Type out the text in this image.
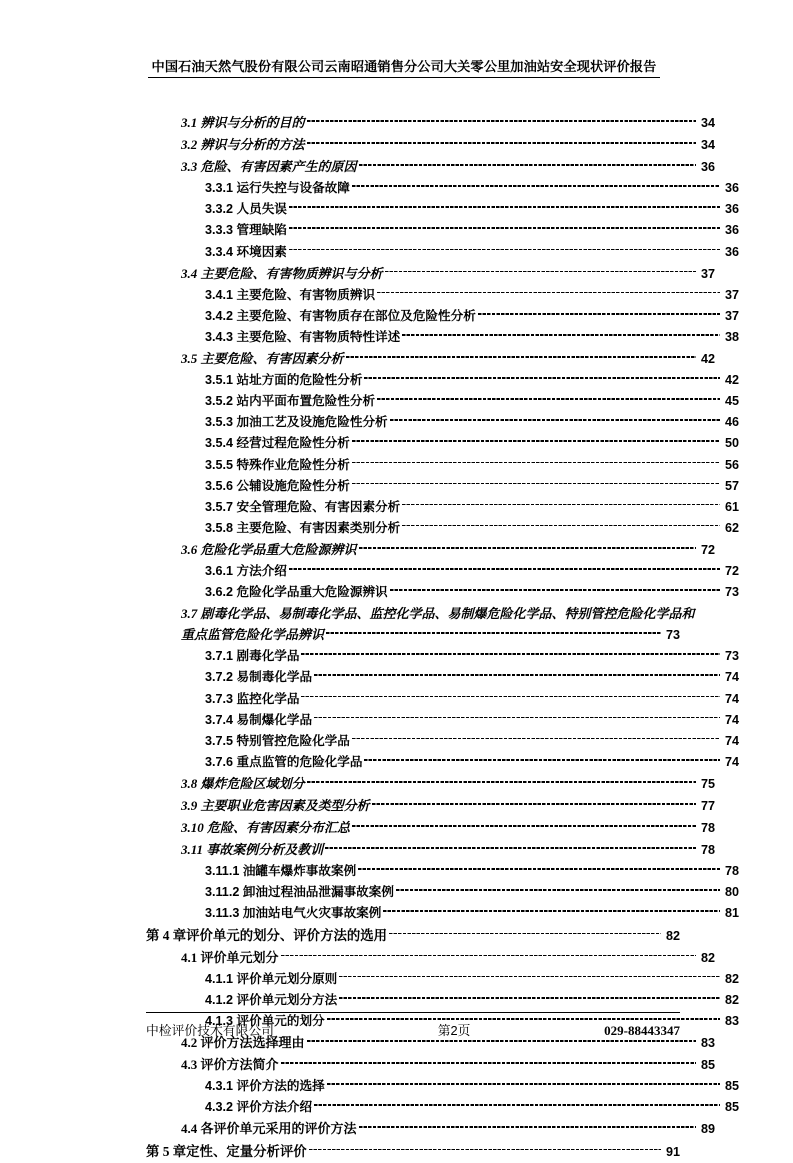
中国石油天然气股份有限公司云南昭通销售分公司大关零公里加油站安全现状评价报告
3.1 辨识与分析的目的	34
3.2 辨识与分析的方法	34
3.3 危险、有害因素产生的原因	36
3.3.1 运行失控与设备故障	36
3.3.2 人员失误	36
3.3.3 管理缺陷	36
3.3.4 环境因素	36
3.4 主要危险、有害物质辨识与分析	37
3.4.1 主要危险、有害物质辨识	37
3.4.2 主要危险、有害物质存在部位及危险性分析	37
3.4.3 主要危险、有害物质特性详述	38
3.5 主要危险、有害因素分析	42
3.5.1 站址方面的危险性分析	42
3.5.2 站内平面布置危险性分析	45
3.5.3 加油工艺及设施危险性分析	46
3.5.4 经营过程危险性分析	50
3.5.5 特殊作业危险性分析	56
3.5.6 公辅设施危险性分析	57
3.5.7 安全管理危险、有害因素分析	61
3.5.8 主要危险、有害因素类别分析	62
3.6 危险化学品重大危险源辨识	72
3.6.1 方法介绍	72
3.6.2 危险化学品重大危险源辨识	73
3.7 剧毒化学品、易制毒化学品、监控化学品、易制爆危险化学品、特别管控危险化学品和
重点监管危险化学品辨识	73
3.7.1 剧毒化学品	73
3.7.2 易制毒化学品	74
3.7.3 监控化学品	74
3.7.4 易制爆化学品	74
3.7.5 特别管控危险化学品	74
3.7.6 重点监管的危险化学品	74
3.8 爆炸危险区域划分	75
3.9 主要职业危害因素及类型分析	77
3.10 危险、有害因素分布汇总	78
3.11 事故案例分析及教训	78
3.11.1 油罐车爆炸事故案例	78
3.11.2 卸油过程油品泄漏事故案例	80
3.11.3 加油站电气火灾事故案例	81
第 4 章评价单元的划分、评价方法的选用	82
4.1 评价单元划分	82
4.1.1 评价单元划分原则	82
4.1.2 评价单元划分方法	82
4.1.3 评价单元的划分	83
4.2 评价方法选择理由	83
4.3 评价方法简介	85
4.3.1 评价方法的选择	85
4.3.2 评价方法介绍	85
4.4 各评价单元采用的评价方法	89
第 5 章定性、定量分析评价	91
中检评价技术有限公司	第2页	029-88443347
